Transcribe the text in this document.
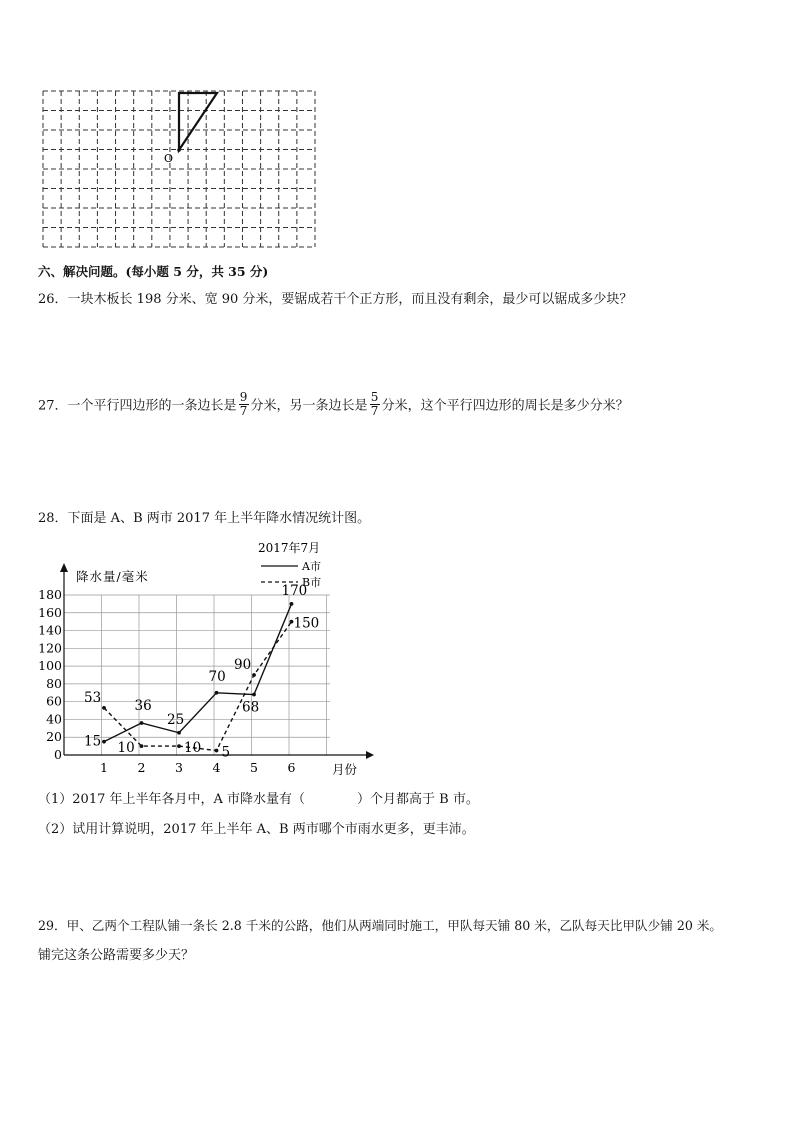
O
六、解决问题。(每小题 5 分，共 35 分)
26．一块木板长 198 分米、宽 90 分米，要锯成若干个正方形，而且没有剩余，最少可以锯成多少块？
27．一个平行四边形的一条边长是 $\frac{9}{7}$ 分米，另一条边长是 $\frac{5}{7}$ 分米，这个平行四边形的周长是多少分米？
28．下面是 A、B 两市 2017 年上半年降水情况统计图。
2017年7月
A市
B市
降水量/毫米
0
20
40
60
80
100
120
140
160
180
1 2 3 4 5 6	月份
15
36
25
70
68
170
53
10	10 5
90
150
（1）2017 年上半年各月中，A 市降水量有（　　　　）个月都高于 B 市。
（2）试用计算说明，2017 年上半年 A、B 两市哪个市雨水更多，更丰沛。
29．甲、乙两个工程队铺一条长 2.8 千米的公路，他们从两端同时施工，甲队每天铺 80 米，乙队每天比甲队少铺 20 米。
铺完这条公路需要多少天？
